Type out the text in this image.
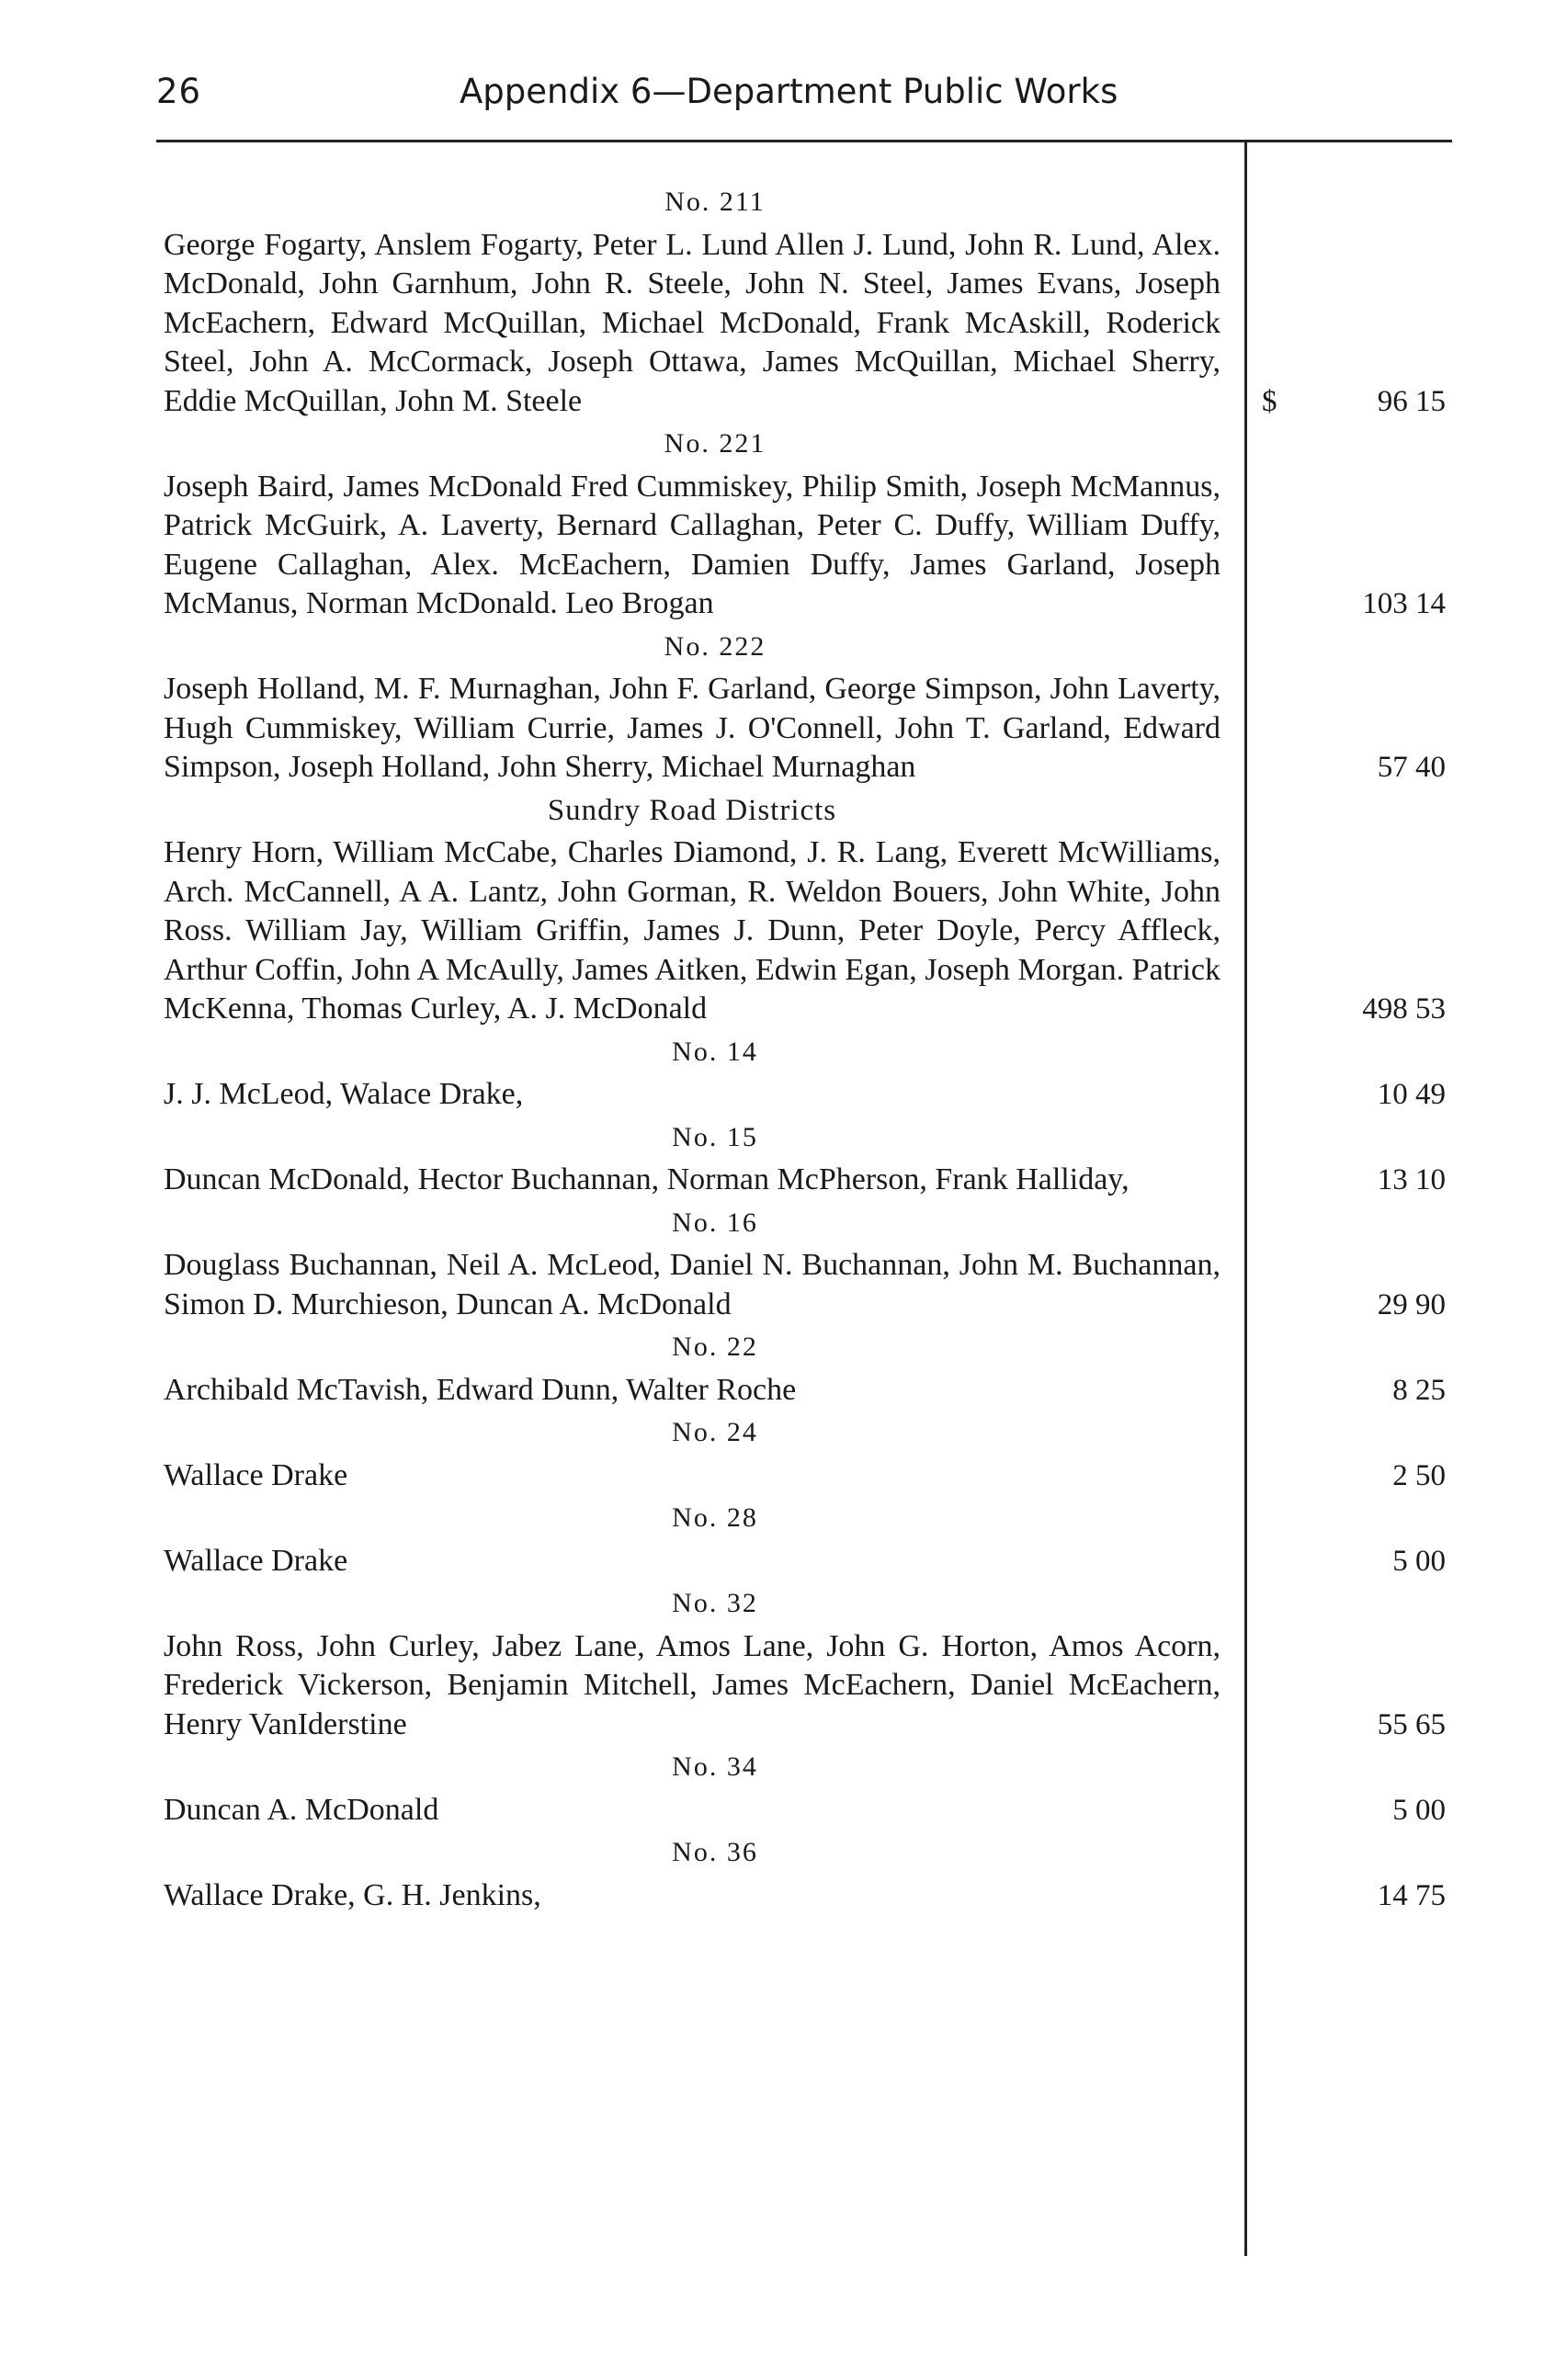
26	Appendix 6—Department Public Works
No. 211
George Fogarty, Anslem Fogarty, Peter L. Lund Allen J. Lund, John R. Lund, Alex. McDonald, John Garnhum, John R. Steele, John N. Steel, James Evans, Joseph McEachern, Edward McQuillan, Michael McDonald, Frank McAskill, Roderick Steel, John A. McCormack, Joseph Ottawa, James McQuillan, Michael Sherry, Eddie McQuillan, John M. Steele	$	96 15
No. 221
Joseph Baird, James McDonald Fred Cummiskey, Philip Smith, Joseph McMannus, Patrick McGuirk, A. Laverty, Bernard Callaghan, Peter C. Duffy, William Duffy, Eugene Callaghan, Alex. McEachern, Damien Duffy, James Garland, Joseph McManus, Norman McDonald. Leo Brogan	103 14
No. 222
Joseph Holland, M. F. Murnaghan, John F. Garland, George Simpson, John Laverty, Hugh Cummiskey, William Currie, James J. O'Connell, John T. Garland, Edward Simpson, Joseph Holland, John Sherry, Michael Murnaghan	57 40
Sundry Road Districts
Henry Horn, William McCabe, Charles Diamond, J. R. Lang, Everett McWilliams, Arch. McCannell, A A. Lantz, John Gorman, R. Weldon Bouers, John White, John Ross. William Jay, William Griffin, James J. Dunn, Peter Doyle, Percy Affleck, Arthur Coffin, John A McAully, James Aitken, Edwin Egan, Joseph Morgan. Patrick McKenna, Thomas Curley, A. J. McDonald	498 53
No. 14
J. J. McLeod, Walace Drake,	10 49
No. 15
Duncan McDonald, Hector Buchannan, Norman McPherson, Frank Halliday,	13 10
No. 16
Douglass Buchannan, Neil A. McLeod, Daniel N. Buchannan, John M. Buchannan, Simon D. Murchieson, Duncan A. McDonald	29 90
No. 22
Archibald McTavish, Edward Dunn, Walter Roche	8 25
No. 24
Wallace Drake	2 50
No. 28
Wallace Drake	5 00
No. 32
John Ross, John Curley, Jabez Lane, Amos Lane, John G. Horton, Amos Acorn, Frederick Vickerson, Benjamin Mitchell, James McEachern, Daniel McEachern, Henry VanIderstine	55 65
No. 34
Duncan A. McDonald	5 00
No. 36
Wallace Drake, G. H. Jenkins,	14 75
